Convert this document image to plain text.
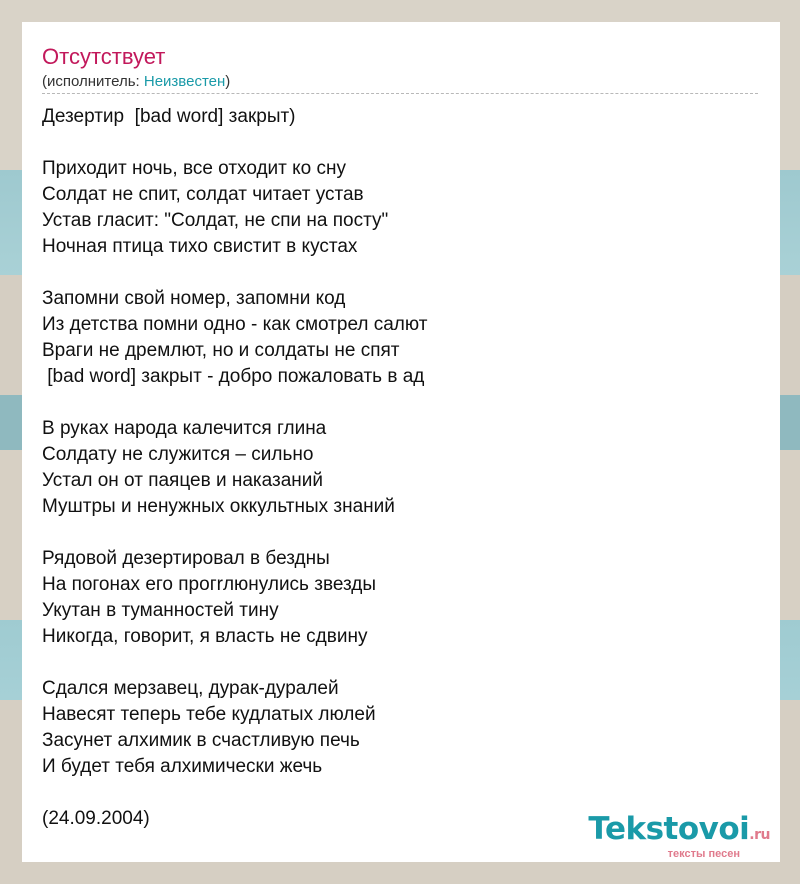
Отсутствует
(исполнитель: Неизвестен)
Дезертир  [bad word] закрыт)
Приходит ночь, все отходит ко сну
Солдат не спит, солдат читает устав
Устав гласит: "Солдат, не спи на посту"
Ночная птица тихо свистит в кустах
Запомни свой номер, запомни код
Из детства помни одно - как смотрел салют
Враги не дремлют, но и солдаты не спят
[bad word] закрыт - добро пожаловать в ад
В руках народа калечится глина
Солдату не служится – сильно
Устал он от паяцев и наказаний
Муштры и ненужных оккультных знаний
Рядовой дезертировал в бездны
На погонах его прогrлюнулись звезды
Укутан в туманностей тину
Никогда, говорит, я власть не сдвину
Сдался мерзавец, дурак-дуралей
Навесят теперь тебе кудлатых люлей
Засунет алхимик в счастливую печь
И будет тебя алхимически жечь
(24.09.2004)	Tekstovoi.ru
тексты песен
